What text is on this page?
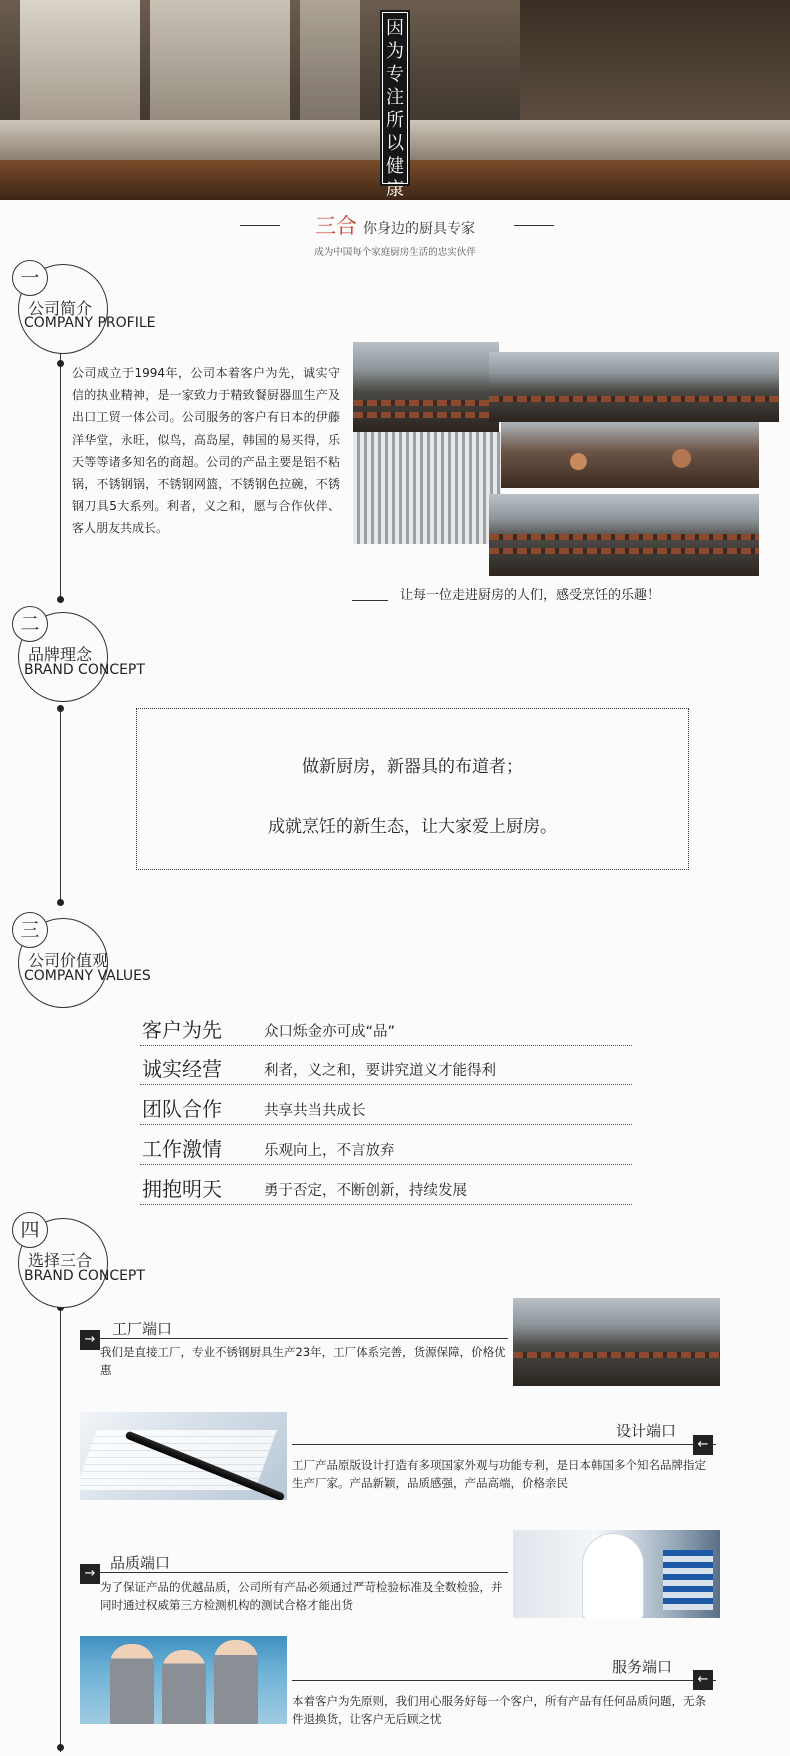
因为专注所以健康
三合 你身边的厨具专家
成为中国每个家庭厨房生活的忠实伙伴
一
公司简介
COMPANY PROFILE
公司成立于1994年，公司本着客户为先，诚实守信的执业精神，是一家致力于精致餐厨器皿生产及出口工贸一体公司。公司服务的客户有日本的伊藤洋华堂，永旺，似鸟，高岛屋，韩国的易买得，乐天等等诸多知名的商超。公司的产品主要是铝不粘锅，不锈钢锅，不锈钢网篮，不锈钢色拉碗，不锈钢刀具5大系列。利者，义之和，愿与合作伙伴、客人朋友共成长。
让每一位走进厨房的人们，感受烹饪的乐趣！
二
品牌理念
BRAND CONCEPT
做新厨房，新器具的布道者；
成就烹饪的新生态，让大家爱上厨房。
三
公司价值观
COMPANY VALUES
客户为先	众口烁金亦可成“品”
诚实经营	利者，义之和，要讲究道义才能得利
团队合作	共享共当共成长
工作激情	乐观向上，不言放弃
拥抱明天	勇于否定，不断创新，持续发展
四
选择三合
BRAND CONCEPT
工厂端口
→
我们是直接工厂，专业不锈钢厨具生产23年，工厂体系完善，货源保障，价格优惠
设计端口
←
工厂产品原版设计打造有多项国家外观与功能专利，是日本韩国多个知名品牌指定生产厂家。产品新颖，品质感强，产品高端，价格亲民
品质端口
→
为了保证产品的优越品质，公司所有产品必须通过严苛检验标准及全数检验，并同时通过权威第三方检测机构的测试合格才能出货
服务端口
←
本着客户为先原则，我们用心服务好每一个客户，所有产品有任何品质问题，无条件退换货，让客户无后顾之忧
